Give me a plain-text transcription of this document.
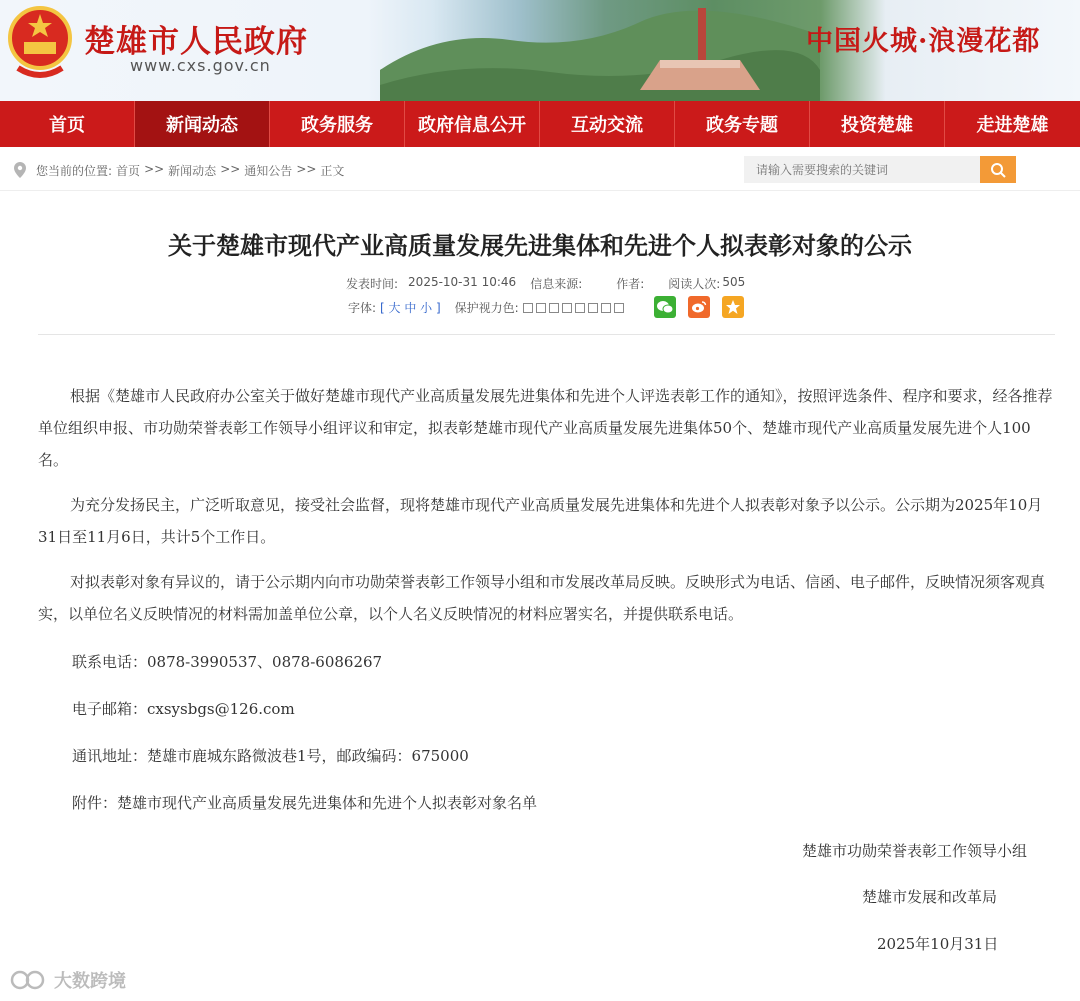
楚雄市人民政府
www.cxs.gov.cn
中国火城·浪漫花都
首页	新闻动态	政务服务	政府信息公开	互动交流	政务专题	投资楚雄	走进楚雄
您当前的位置: 首页 >> 新闻动态 >> 通知公告 >> 正文
请输入需要搜索的关键词
关于楚雄市现代产业高质量发展先进集体和先进个人拟表彰对象的公示
发表时间: 2025-10-31 10:46 信息来源:	作者: 阅读人次: 505
字体: [ 大 中 小 ] 保护视力色:
根据《楚雄市人民政府办公室关于做好楚雄市现代产业高质量发展先进集体和先进个人评选表彰工作的通知》，按照评选条件、程序和要求，经各推荐单位组织申报、市功勋荣誉表彰工作领导小组评议和审定，拟表彰楚雄市现代产业高质量发展先进集体50个、楚雄市现代产业高质量发展先进个人100名。
为充分发扬民主，广泛听取意见，接受社会监督，现将楚雄市现代产业高质量发展先进集体和先进个人拟表彰对象予以公示。公示期为2025年10月31日至11月6日，共计5个工作日。
对拟表彰对象有异议的，请于公示期内向市功勋荣誉表彰工作领导小组和市发展改革局反映。反映形式为电话、信函、电子邮件，反映情况须客观真实，以单位名义反映情况的材料需加盖单位公章，以个人名义反映情况的材料应署实名，并提供联系电话。
联系电话：0878-3990537、0878-6086267
电子邮箱：cxsysbgs@126.com
通讯地址：楚雄市鹿城东路微波巷1号，邮政编码：675000
附件：楚雄市现代产业高质量发展先进集体和先进个人拟表彰对象名单
楚雄市功勋荣誉表彰工作领导小组
楚雄市发展和改革局
2025年10月31日
大数跨境
